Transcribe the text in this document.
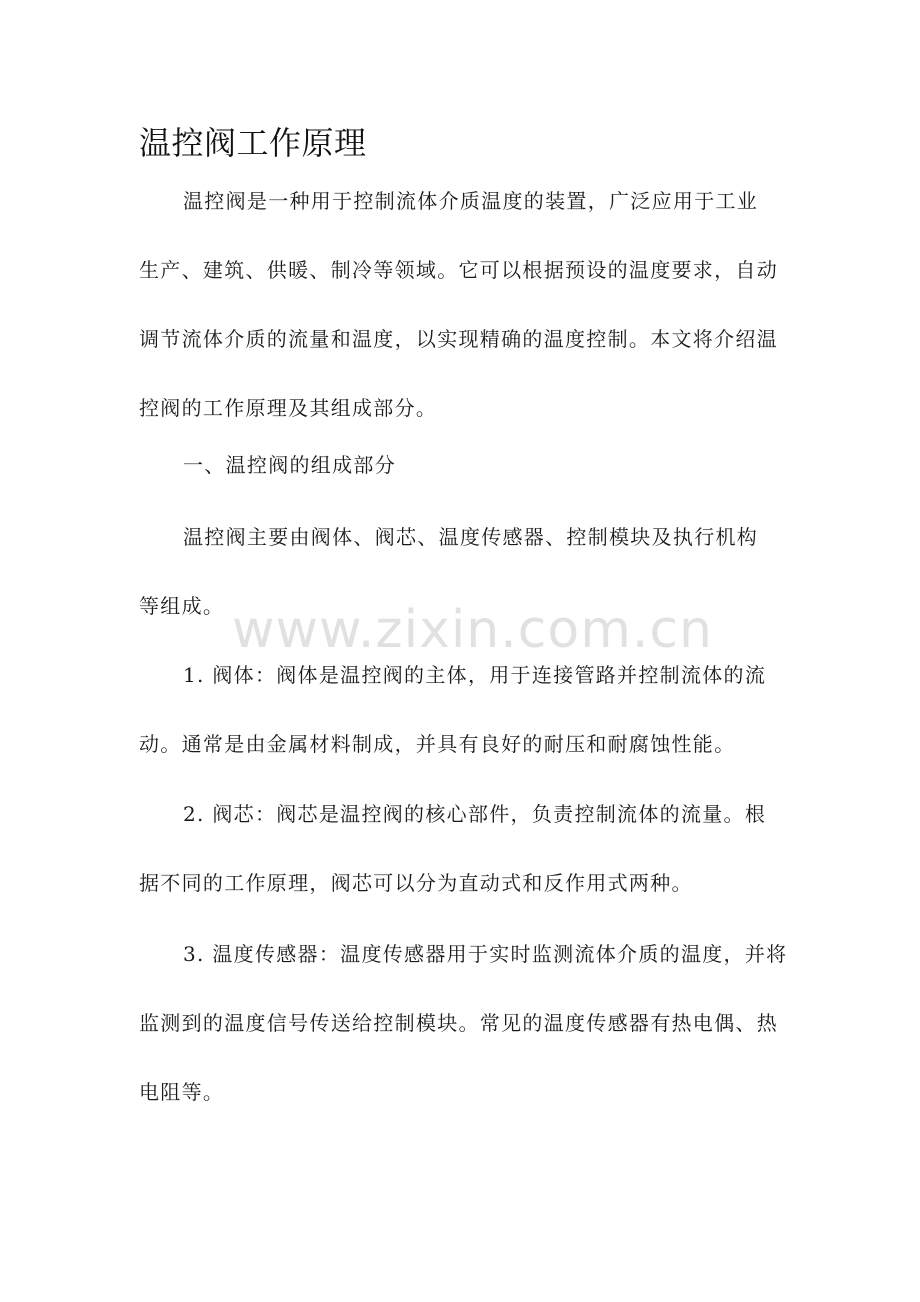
温控阀工作原理

温控阀是一种用于控制流体介质温度的装置，广泛应用于工业生产、建筑、供暖、制冷等领域。它可以根据预设的温度要求，自动调节流体介质的流量和温度，以实现精确的温度控制。本文将介绍温控阀的工作原理及其组成部分。

一、温控阀的组成部分

温控阀主要由阀体、阀芯、温度传感器、控制模块及执行机构等组成。

1. 阀体：阀体是温控阀的主体，用于连接管路并控制流体的流动。通常是由金属材料制成，并具有良好的耐压和耐腐蚀性能。

2. 阀芯：阀芯是温控阀的核心部件，负责控制流体的流量。根据不同的工作原理，阀芯可以分为直动式和反作用式两种。

3. 温度传感器：温度传感器用于实时监测流体介质的温度，并将监测到的温度信号传送给控制模块。常见的温度传感器有热电偶、热电阻等。

www.zixin.com.cn
